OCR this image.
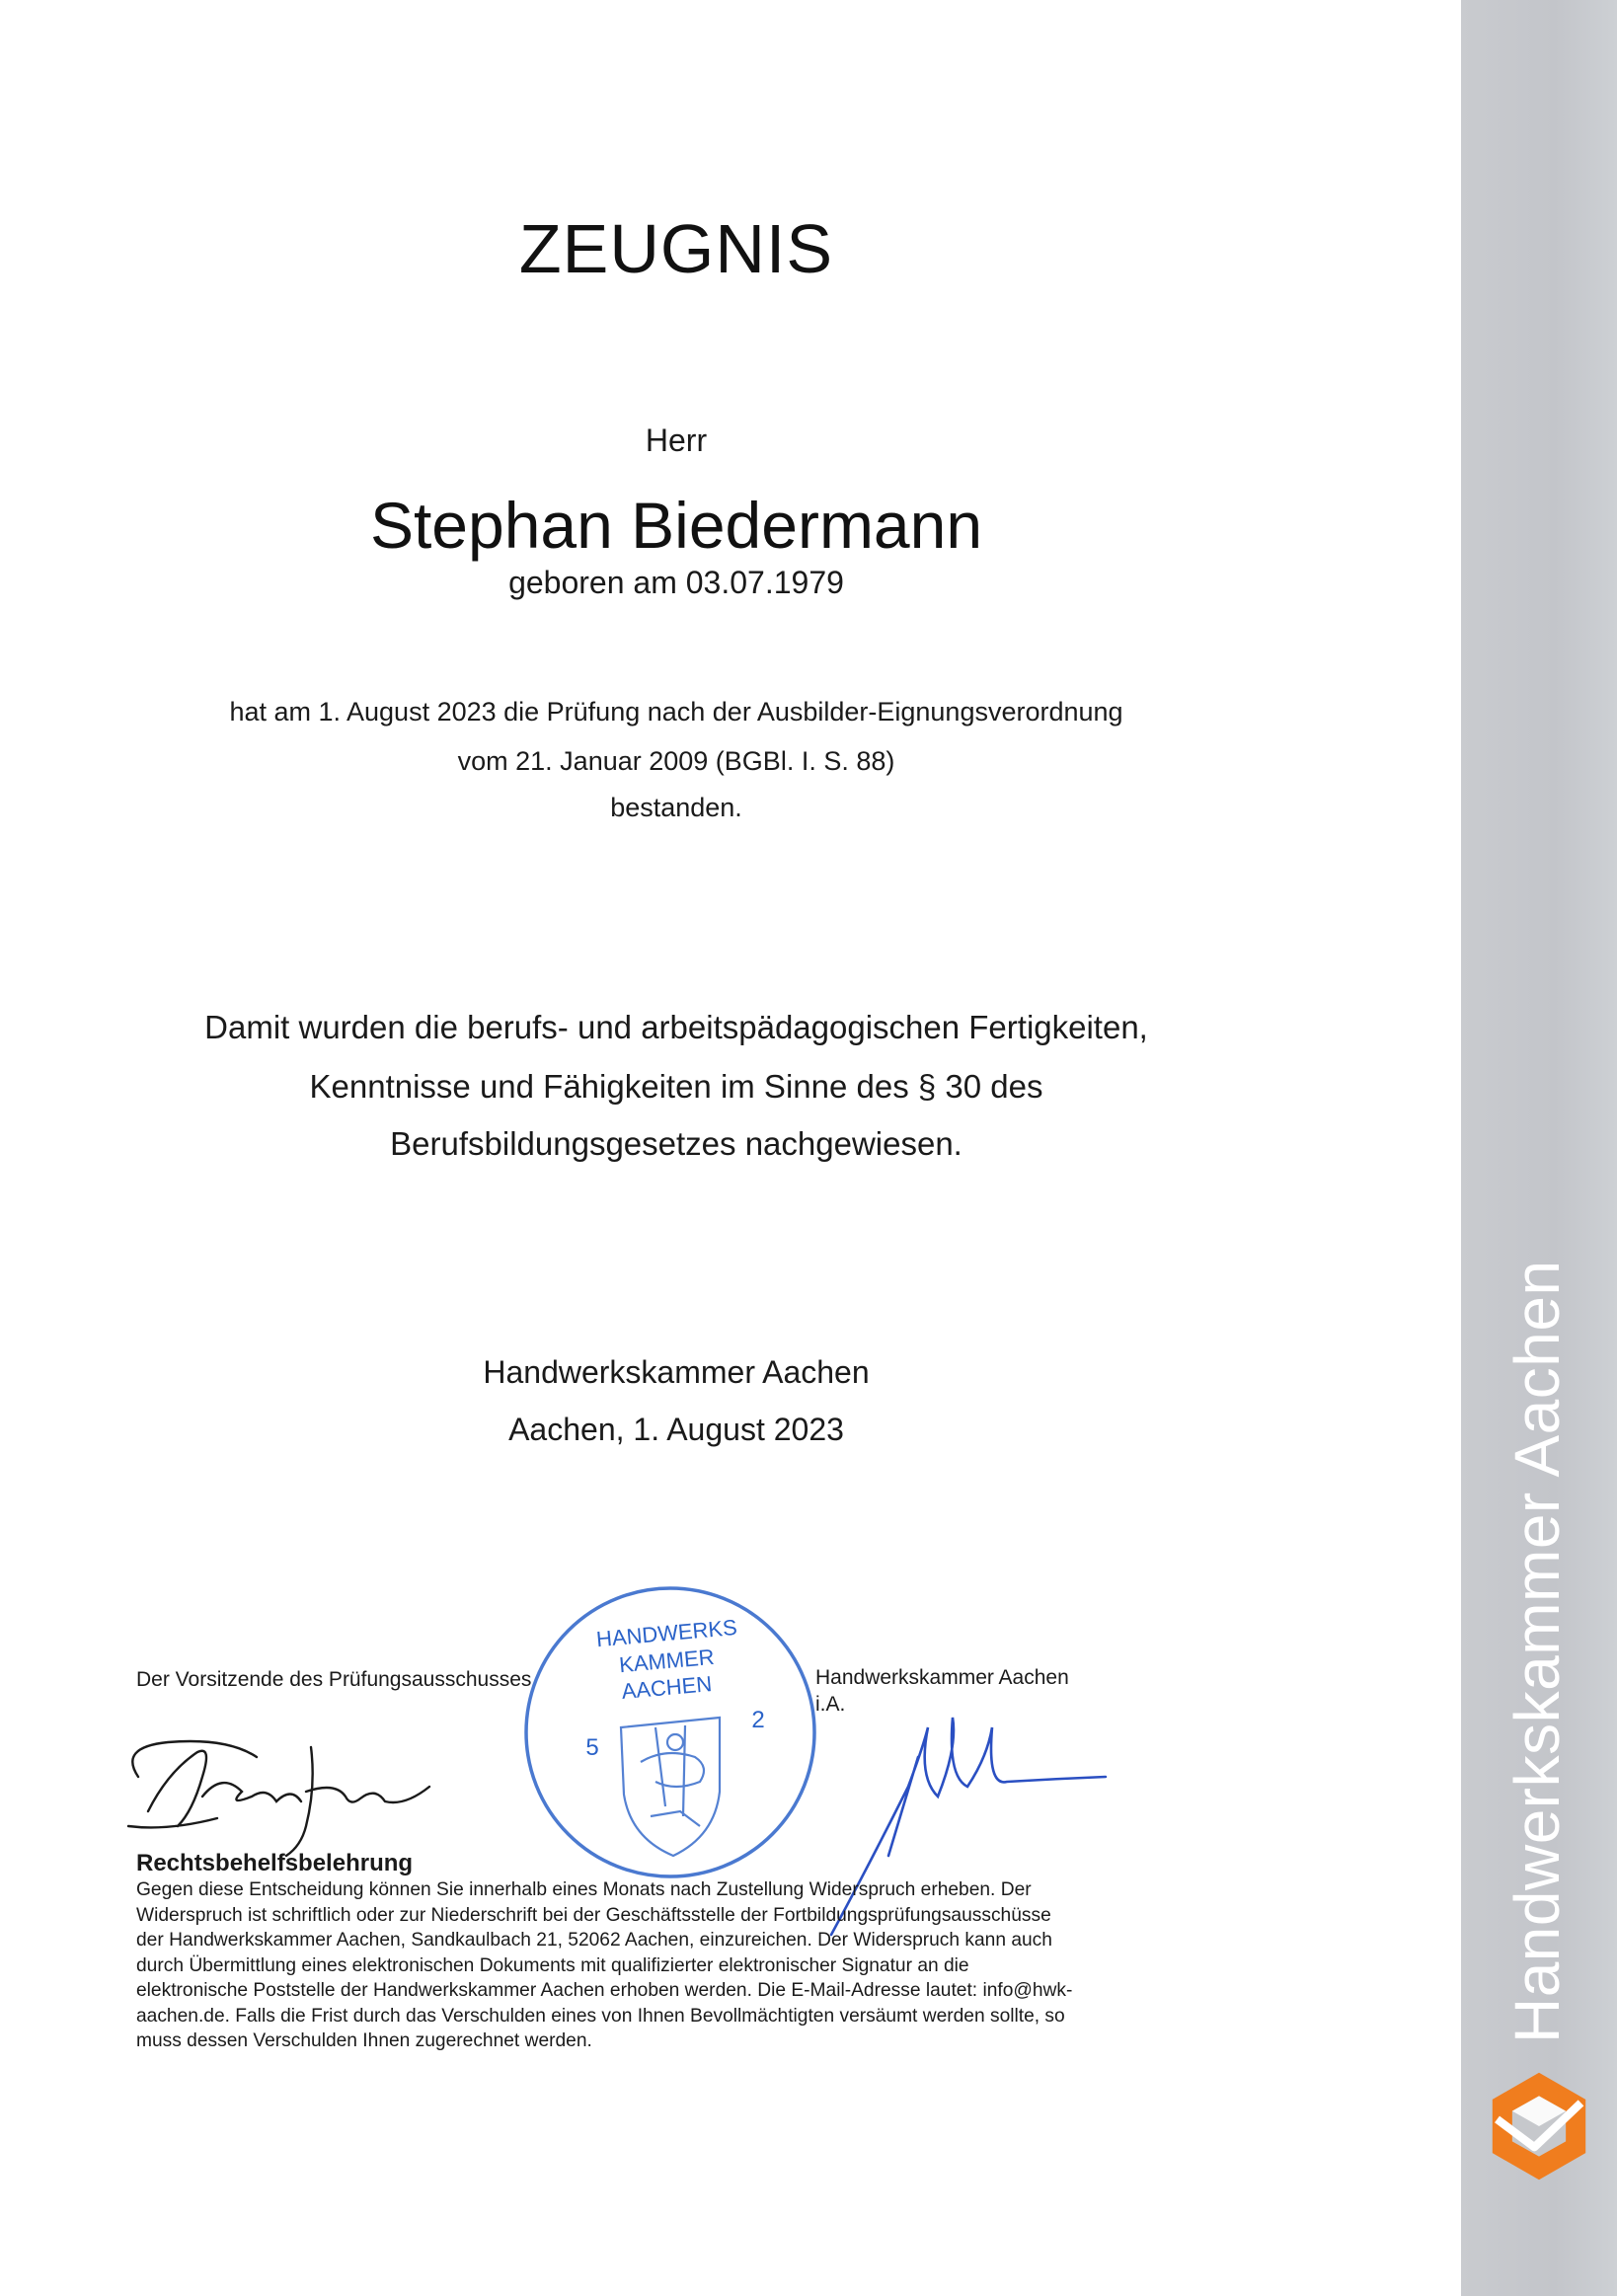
ZEUGNIS
Herr
Stephan Biedermann
geboren am 03.07.1979
hat am 1. August 2023 die Prüfung nach der Ausbilder-Eignungsverordnung
vom 21. Januar 2009 (BGBl. I. S. 88)
bestanden.
Damit wurden die berufs- und arbeitspädagogischen Fertigkeiten,
Kenntnisse und Fähigkeiten im Sinne des § 30 des
Berufsbildungsgesetzes nachgewiesen.
Handwerkskammer Aachen
Aachen, 1. August 2023
Der Vorsitzende des Prüfungsausschusses	Handwerkskammer Aachen
i.A.
HANDWERKS
KAMMER
AACHEN
5
2
Rechtsbehelfsbelehrung
Gegen diese Entscheidung können Sie innerhalb eines Monats nach Zustellung Widerspruch erheben. Der
Widerspruch ist schriftlich oder zur Niederschrift bei der Geschäftsstelle der Fortbildungsprüfungsausschüsse
der Handwerkskammer Aachen, Sandkaulbach 21, 52062 Aachen, einzureichen. Der Widerspruch kann auch
durch Übermittlung eines elektronischen Dokuments mit qualifizierter elektronischer Signatur an die
elektronische Poststelle der Handwerkskammer Aachen erhoben werden. Die E-Mail-Adresse lautet: info@hwk-
aachen.de. Falls die Frist durch das Verschulden eines von Ihnen Bevollmächtigten versäumt werden sollte, so
muss dessen Verschulden Ihnen zugerechnet werden.
